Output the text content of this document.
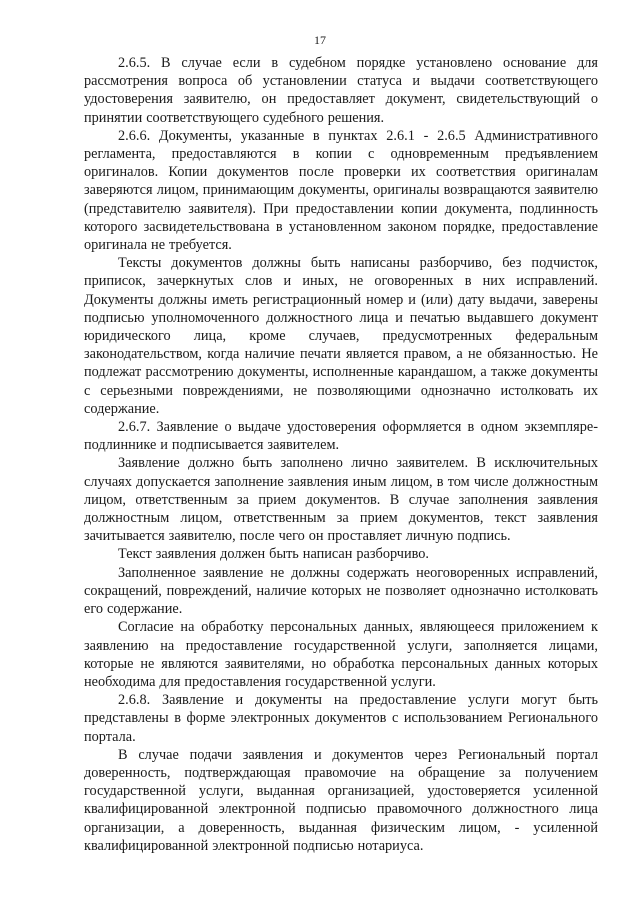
17

2.6.5. В случае если в судебном порядке установлено основание для рассмотрения вопроса об установлении статуса и выдачи соответствующего удостоверения заявителю, он предоставляет документ, свидетельствующий о принятии соответствующего судебного решения.

2.6.6. Документы, указанные в пунктах 2.6.1 - 2.6.5 Административного регламента, предоставляются в копии с одновременным предъявлением оригиналов. Копии документов после проверки их соответствия оригиналам заверяются лицом, принимающим документы, оригиналы возвращаются заявителю (представителю заявителя). При предоставлении копии документа, подлинность которого засвидетельствована в установленном законом порядке, предоставление оригинала не требуется.

Тексты документов должны быть написаны разборчиво, без подчисток, приписок, зачеркнутых слов и иных, не оговоренных в них исправлений. Документы должны иметь регистрационный номер и (или) дату выдачи, заверены подписью уполномоченного должностного лица и печатью выдавшего документ юридического лица, кроме случаев, предусмотренных федеральным законодательством, когда наличие печати является правом, а не обязанностью. Не подлежат рассмотрению документы, исполненные карандашом, а также документы с серьезными повреждениями, не позволяющими однозначно истолковать их содержание.

2.6.7. Заявление о выдаче удостоверения оформляется в одном экземпляре-подлиннике и подписывается заявителем.

Заявление должно быть заполнено лично заявителем. В исключительных случаях допускается заполнение заявления иным лицом, в том числе должностным лицом, ответственным за прием документов. В случае заполнения заявления должностным лицом, ответственным за прием документов, текст заявления зачитывается заявителю, после чего он проставляет личную подпись.

Текст заявления должен быть написан разборчиво.

Заполненное заявление не должны содержать неоговоренных исправлений, сокращений, повреждений, наличие которых не позволяет однозначно истолковать его содержание.

Согласие на обработку персональных данных, являющееся приложением к заявлению на предоставление государственной услуги, заполняется лицами, которые не являются заявителями, но обработка персональных данных которых необходима для предоставления государственной услуги.

2.6.8. Заявление и документы на предоставление услуги могут быть представлены в форме электронных документов с использованием Регионального портала.

В случае подачи заявления и документов через Региональный портал доверенность, подтверждающая правомочие на обращение за получением государственной услуги, выданная организацией, удостоверяется усиленной квалифицированной электронной подписью правомочного должностного лица организации, а доверенность, выданная физическим лицом, - усиленной квалифицированной электронной подписью нотариуса.
